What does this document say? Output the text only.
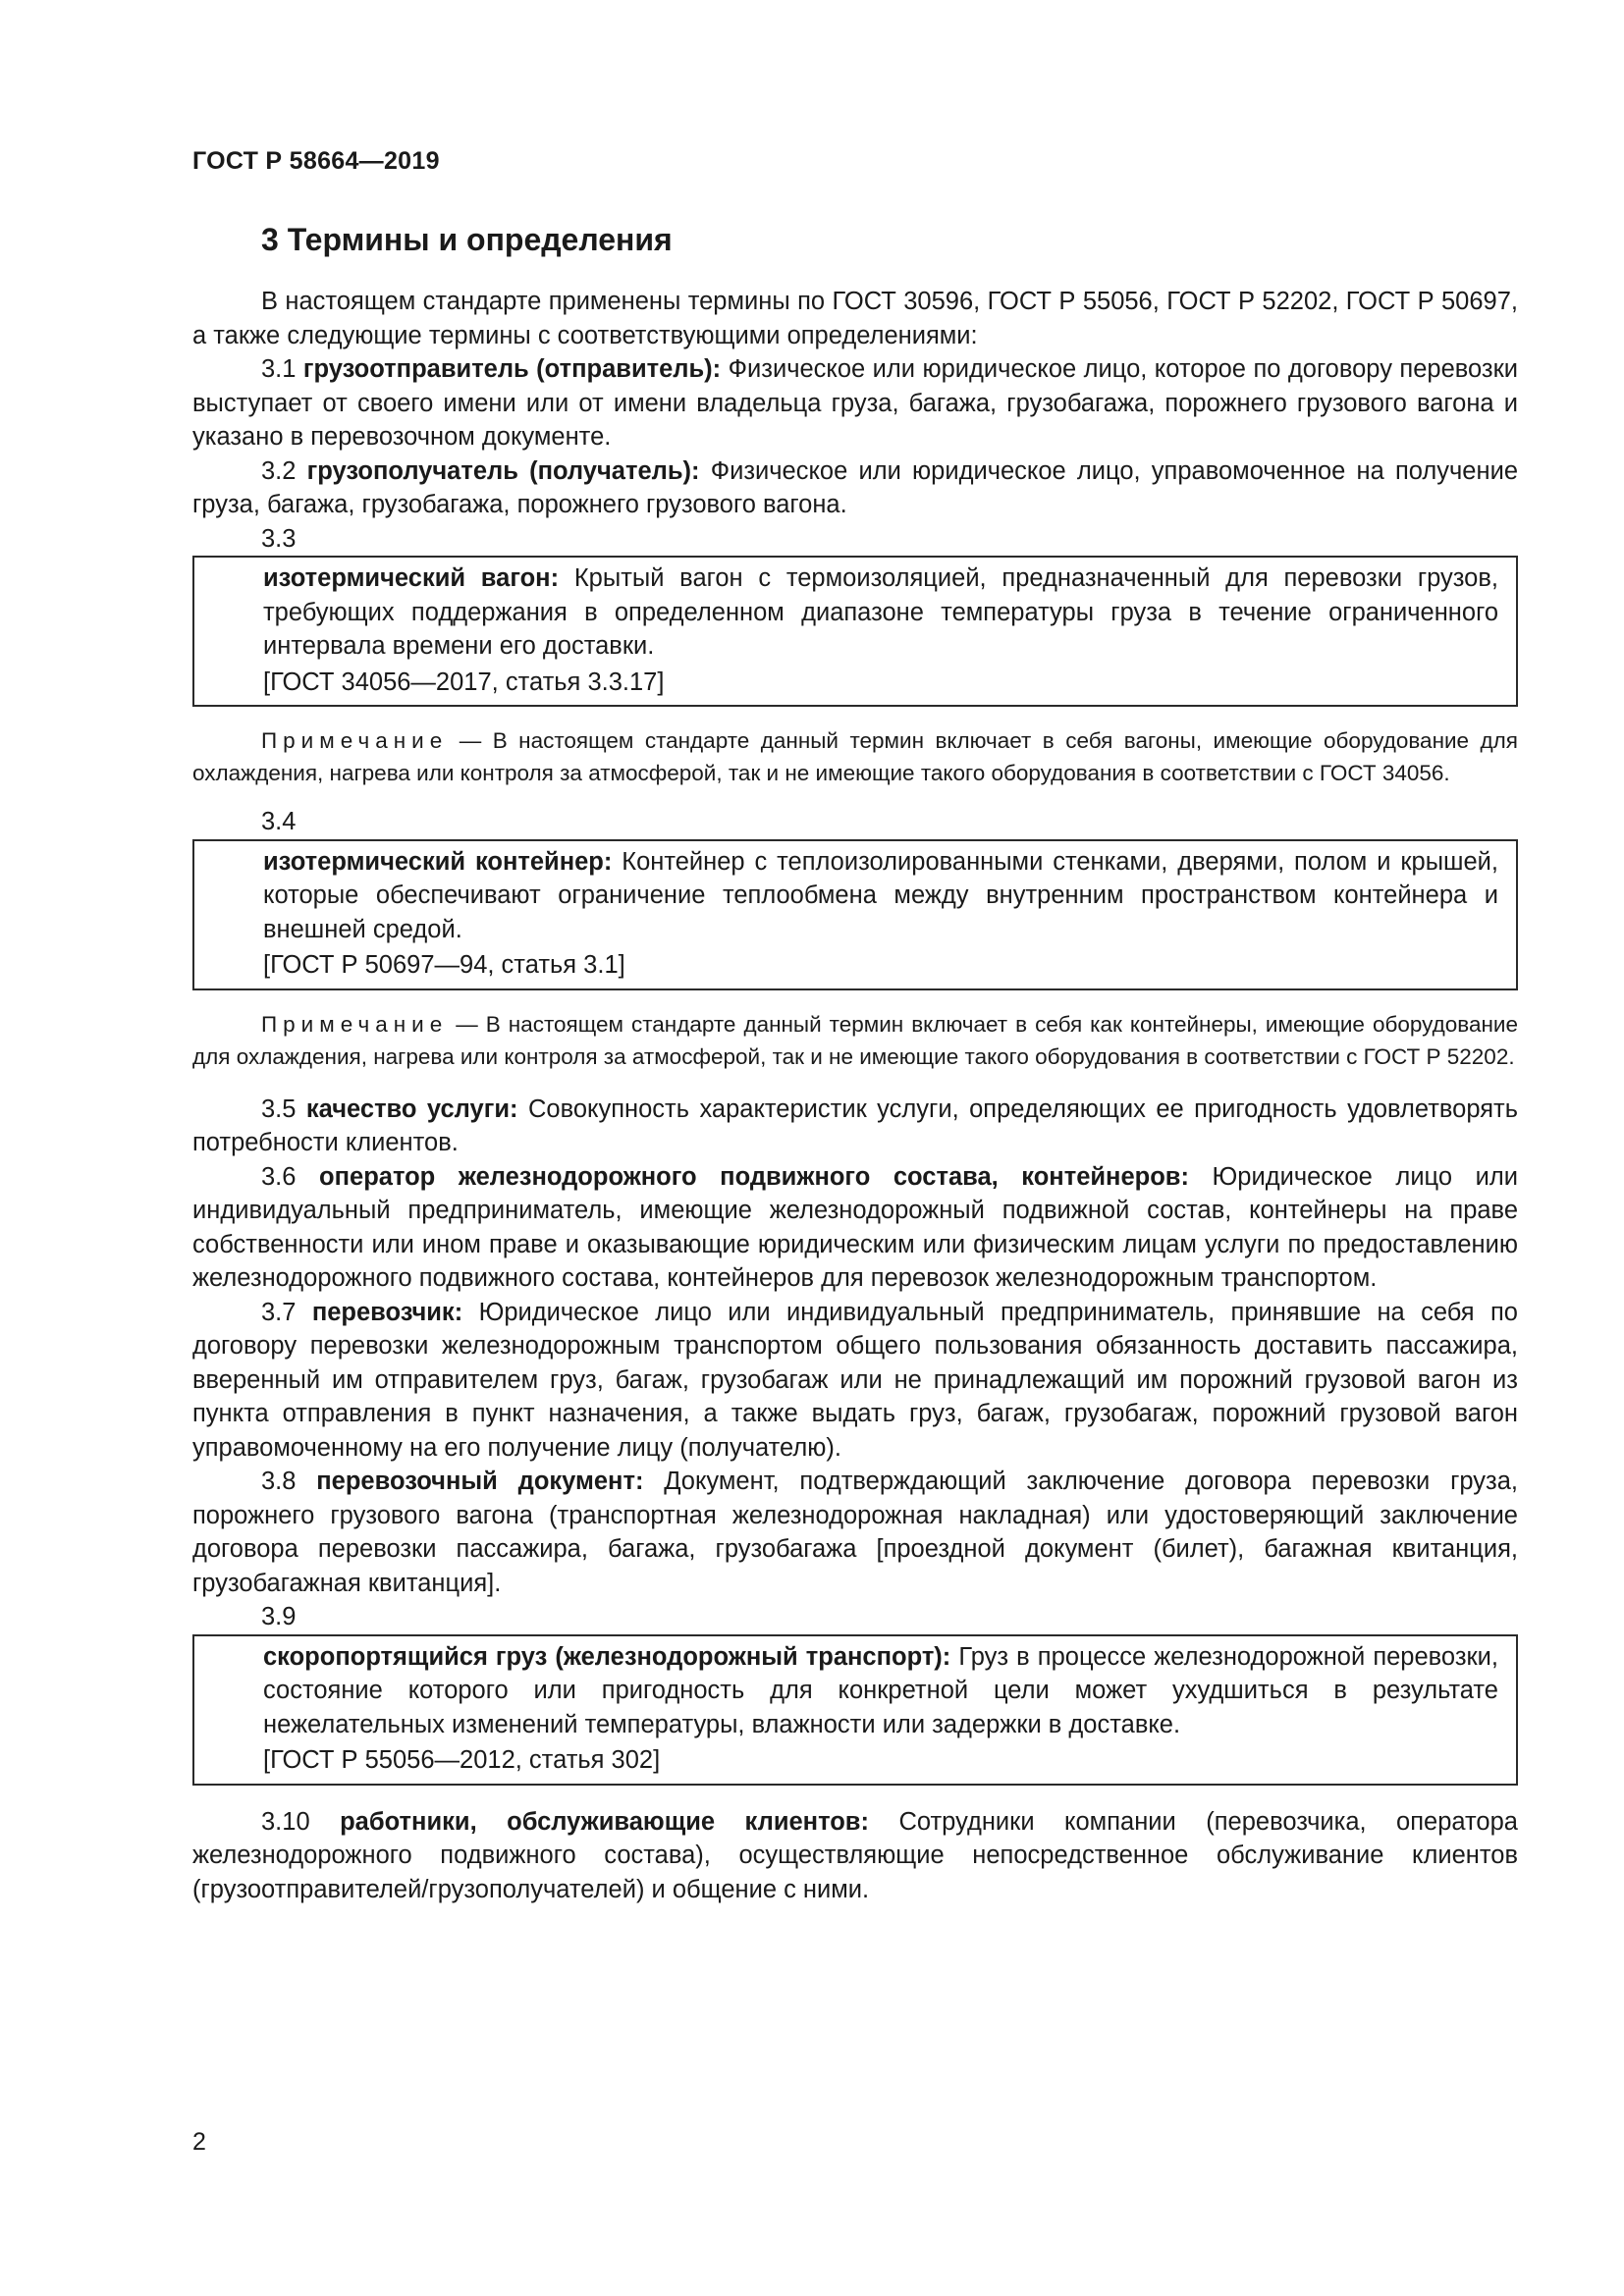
ГОСТ Р 58664—2019
3 Термины и определения

В настоящем стандарте применены термины по ГОСТ 30596, ГОСТ Р 55056, ГОСТ Р 52202, ГОСТ Р 50697, а также следующие термины с соответствующими определениями:

3.1 грузоотправитель (отправитель): Физическое или юридическое лицо, которое по договору перевозки выступает от своего имени или от имени владельца груза, багажа, грузобагажа, порожнего грузового вагона и указано в перевозочном документе.

3.2 грузополучатель (получатель): Физическое или юридическое лицо, управомоченное на получение груза, багажа, грузобагажа, порожнего грузового вагона.

3.3

изотермический вагон: Крытый вагон с термоизоляцией, предназначенный для перевозки грузов, требующих поддержания в определенном диапазоне температуры груза в течение ограниченного интервала времени его доставки.

[ГОСТ 34056—2017, статья 3.3.17]

Примечание — В настоящем стандарте данный термин включает в себя вагоны, имеющие оборудование для охлаждения, нагрева или контроля за атмосферой, так и не имеющие такого оборудования в соответствии с ГОСТ 34056.

3.4

изотермический контейнер: Контейнер с теплоизолированными стенками, дверями, полом и крышей, которые обеспечивают ограничение теплообмена между внутренним пространством контейнера и внешней средой.

[ГОСТ Р 50697—94, статья 3.1]

Примечание — В настоящем стандарте данный термин включает в себя как контейнеры, имеющие оборудование для охлаждения, нагрева или контроля за атмосферой, так и не имеющие такого оборудования в соответствии с ГОСТ Р 52202.

3.5 качество услуги: Совокупность характеристик услуги, определяющих ее пригодность удовлетворять потребности клиентов.

3.6 оператор железнодорожного подвижного состава, контейнеров: Юридическое лицо или индивидуальный предприниматель, имеющие железнодорожный подвижной состав, контейнеры на праве собственности или ином праве и оказывающие юридическим или физическим лицам услуги по предоставлению железнодорожного подвижного состава, контейнеров для перевозок железнодорожным транспортом.

3.7 перевозчик: Юридическое лицо или индивидуальный предприниматель, принявшие на себя по договору перевозки железнодорожным транспортом общего пользования обязанность доставить пассажира, вверенный им отправителем груз, багаж, грузобагаж или не принадлежащий им порожний грузовой вагон из пункта отправления в пункт назначения, а также выдать груз, багаж, грузобагаж, порожний грузовой вагон управомоченному на его получение лицу (получателю).

3.8 перевозочный документ: Документ, подтверждающий заключение договора перевозки груза, порожнего грузового вагона (транспортная железнодорожная накладная) или удостоверяющий заключение договора перевозки пассажира, багажа, грузобагажа [проездной документ (билет), багажная квитанция, грузобагажная квитанция].

3.9

скоропортящийся груз (железнодорожный транспорт): Груз в процессе железнодорожной перевозки, состояние которого или пригодность для конкретной цели может ухудшиться в результате нежелательных изменений температуры, влажности или задержки в доставке.

[ГОСТ Р 55056—2012, статья 302]

3.10 работники, обслуживающие клиентов: Сотрудники компании (перевозчика, оператора железнодорожного подвижного состава), осуществляющие непосредственное обслуживание клиентов (грузоотправителей/грузополучателей) и общение с ними.

2
